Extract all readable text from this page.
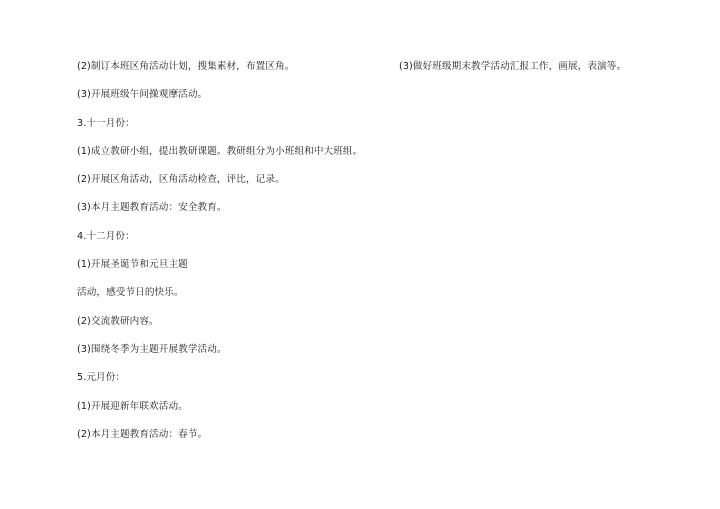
(2)制订本班区角活动计划，搜集素材，布置区角。
(3)开展班级午间操观摩活动。
3.十一月份：
(1)成立教研小组，提出教研课题。教研组分为小班组和中大班组。
(2)开展区角活动，区角活动检查，评比，记录。
(3)本月主题教育活动：安全教育。
4.十二月份：
(1)开展圣诞节和元旦主题
活动，感受节日的快乐。
(2)交流教研内容。
(3)围绕冬季为主题开展教学活动。
5.元月份：
(1)开展迎新年联欢活动。
(2)本月主题教育活动：春节。
(3)做好班级期末教学活动汇报工作，画展，表演等。
